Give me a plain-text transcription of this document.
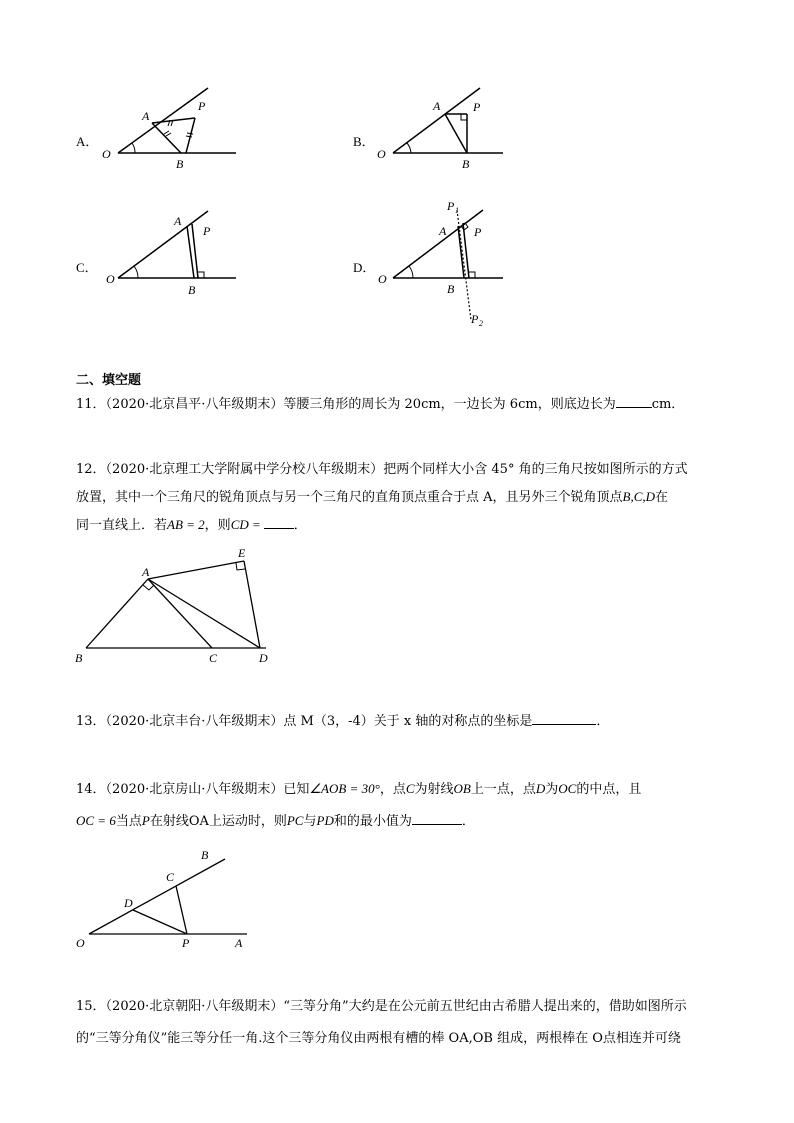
A．
O
A
P
B
B．
O
A	P
B
C．
O
A
P
B
D．
O
A P
B
P 1
P 2
二、填空题
11．（2020·北京昌平·八年级期末）等腰三角形的周长为 20cm，一边长为 6cm，则底边长为	cm．
12．（2020·北京理工大学附属中学分校八年级期末）把两个同样大小含 45° 角的三角尺按如图所示的方式
放置，其中一个三角尺的锐角顶点与另一个三角尺的直角顶点重合于点 A，且另外三个锐角顶点B,C,D在
同一直线上．若AB = 2，则CD =	．
A
E
B	C	D
13．（2020·北京丰台·八年级期末）点 M（3，-4）关于 x 轴的对称点的坐标是	．
14．（2020·北京房山·八年级期末）已知∠AOB = 30°，点C为射线OB上一点，点D为OC的中点，且
OC = 6当点P在射线OA上运动时，则PC与PD和的最小值为	．
O
D
C
B
P	A
15．（2020·北京朝阳·八年级期末）“三等分角”大约是在公元前五世纪由古希腊人提出来的，借助如图所示
的“三等分角仪”能三等分任一角.这个三等分角仪由两根有槽的棒 OA,OB 组成，两根棒在 O点相连并可绕
